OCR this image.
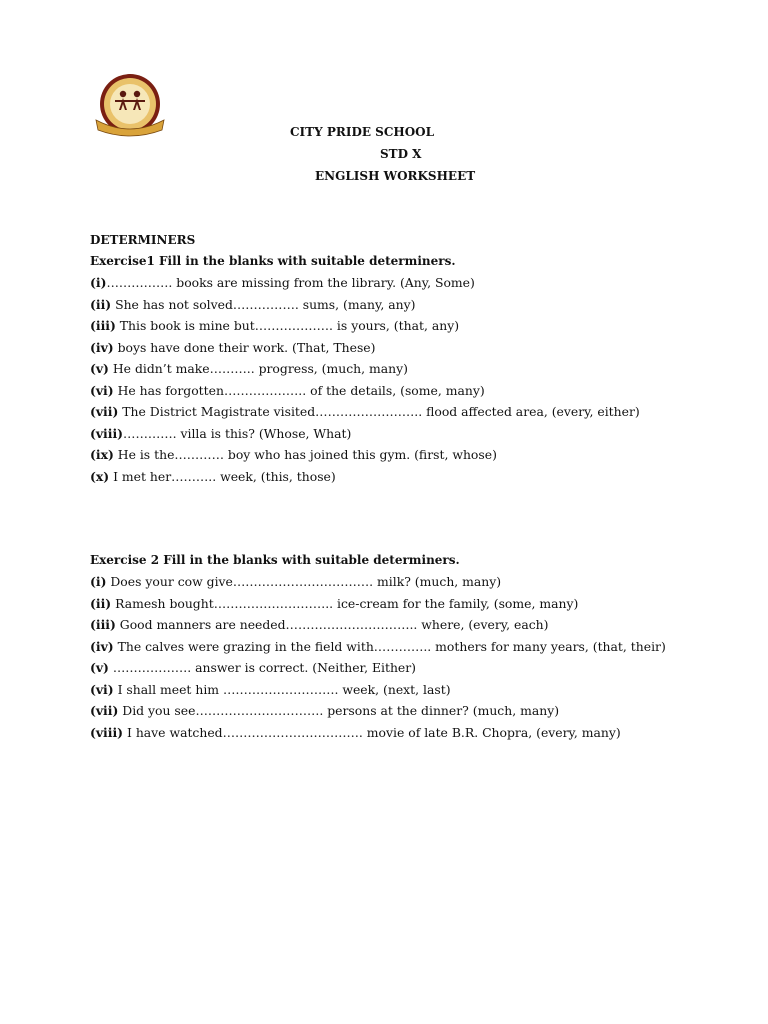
CITY PRIDE SCHOOL
STD X
ENGLISH WORKSHEET
DETERMINERS
Exercise1 Fill in the blanks with suitable determiners.
(i)……………. books are missing from the library. (Any, Some)
(ii) She has not solved……………. sums, (many, any)
(iii) This book is mine but………………. is yours, (that, any)
(iv) boys have done their work. (That, These)
(v) He didn’t make……….. progress, (much, many)
(vi) He has forgotten……………….. of the details, (some, many)
(vii) The District Magistrate visited…………………….. flood affected area, (every, either)
(viii)…………. villa is this? (Whose, What)
(ix) He is the………… boy who has joined this gym. (first, whose)
(x) I met her……….. week, (this, those)
Exercise 2 Fill in the blanks with suitable determiners.
(i) Does your cow give……………………………. milk? (much, many)
(ii) Ramesh bought……………………….. ice-cream for the family, (some, many)
(iii) Good manners are needed………………………….. where, (every, each)
(iv) The calves were grazing in the field with………….. mothers for many years, (that, their)
(v) ………………. answer is correct. (Neither, Either)
(vi) I shall meet him ………………………. week, (next, last)
(vii) Did you see…………………………. persons at the dinner? (much, many)
(viii) I have watched……………………………. movie of late B.R. Chopra, (every, many)
